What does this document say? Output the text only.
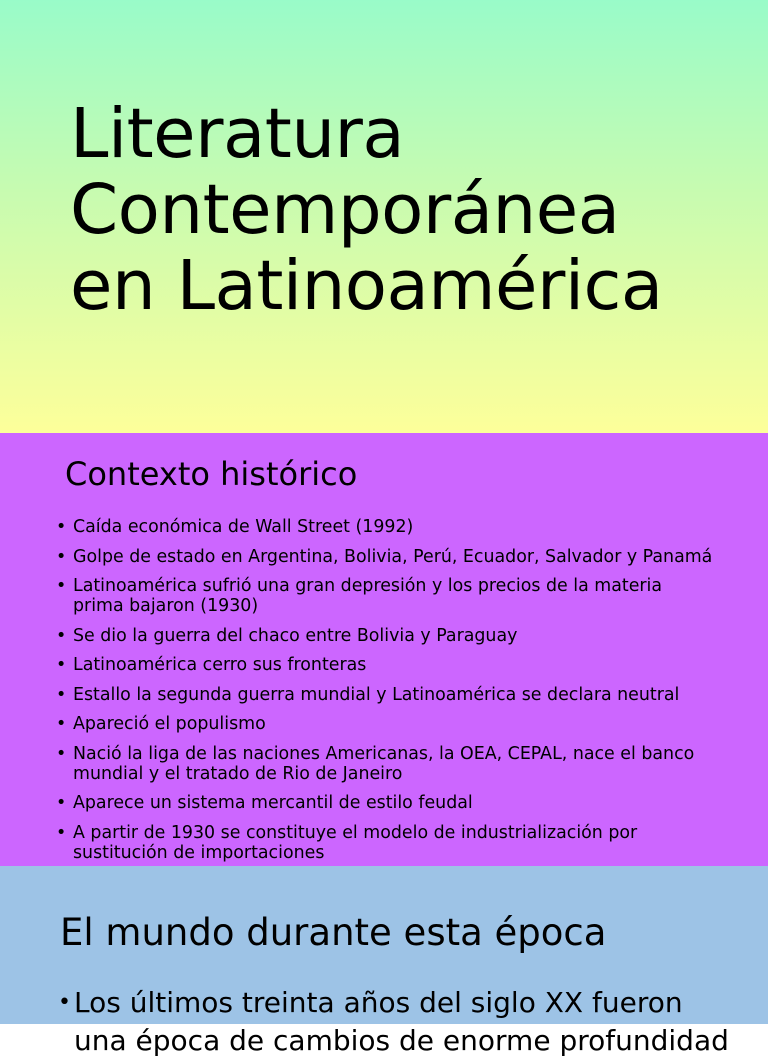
Literatura
Contemporánea
en Latinoamérica
Contexto histórico
• Caída económica de Wall Street (1992)
• Golpe de estado en Argentina, Bolivia, Perú, Ecuador, Salvador y Panamá
• Latinoamérica sufrió una gran depresión y los precios de la materia prima bajaron (1930)
• Se dio la guerra del chaco entre Bolivia y Paraguay
• Latinoamérica cerro sus fronteras
• Estallo la segunda guerra mundial y Latinoamérica se declara neutral
• Apareció el populismo
• Nació la liga de las naciones Americanas, la OEA, CEPAL, nace el banco mundial y el tratado de Rio de Janeiro
• Aparece un sistema mercantil de estilo feudal
• A partir de 1930 se constituye el modelo de industrialización por sustitución de importaciones
El mundo durante esta época
• Los últimos treinta años del siglo XX fueron una época de cambios de enorme profundidad
